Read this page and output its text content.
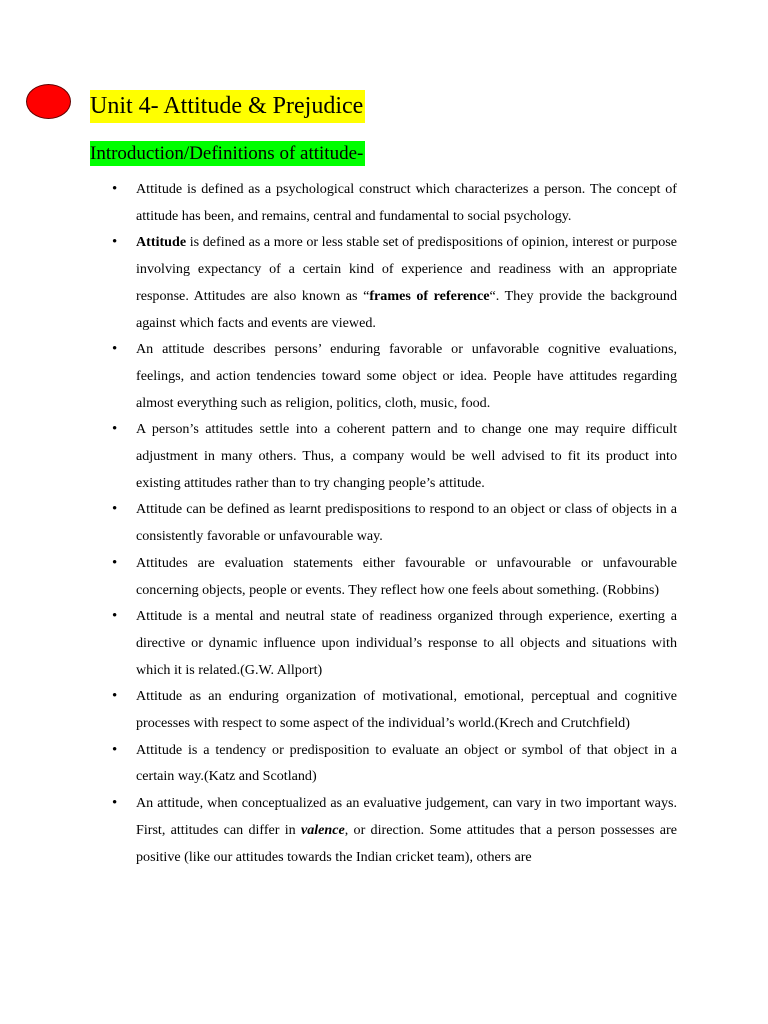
Unit 4- Attitude & Prejudice
Introduction/Definitions of attitude-
• Attitude is defined as a psychological construct which characterizes a person. The concept of attitude has been, and remains, central and fundamental to social psychology.
• Attitude is defined as a more or less stable set of predispositions of opinion, interest or purpose involving expectancy of a certain kind of experience and readiness with an appropriate response. Attitudes are also known as “frames of reference“. They provide the background against which facts and events are viewed.
• An attitude describes persons’ enduring favorable or unfavorable cognitive evaluations, feelings, and action tendencies toward some object or idea. People have attitudes regarding almost everything such as religion, politics, cloth, music, food.
• A person’s attitudes settle into a coherent pattern and to change one may require difficult adjustment in many others. Thus, a company would be well advised to fit its product into existing attitudes rather than to try changing people’s attitude.
• Attitude can be defined as learnt predispositions to respond to an object or class of objects in a consistently favorable or unfavourable way.
• Attitudes are evaluation statements either favourable or unfavourable or unfavourable concerning objects, people or events. They reflect how one feels about something. (Robbins)
• Attitude is a mental and neutral state of readiness organized through experience, exerting a directive or dynamic influence upon individual’s response to all objects and situations with which it is related.(G.W. Allport)
• Attitude as an enduring organization of motivational, emotional, perceptual and cognitive processes with respect to some aspect of the individual’s world.(Krech and Crutchfield)
• Attitude is a tendency or predisposition to evaluate an object or symbol of that object in a certain way.(Katz and Scotland)
• An attitude, when conceptualized as an evaluative judgement, can vary in two important ways. First, attitudes can differ in valence, or direction. Some attitudes that a person possesses are positive (like our attitudes towards the Indian cricket team), others are
